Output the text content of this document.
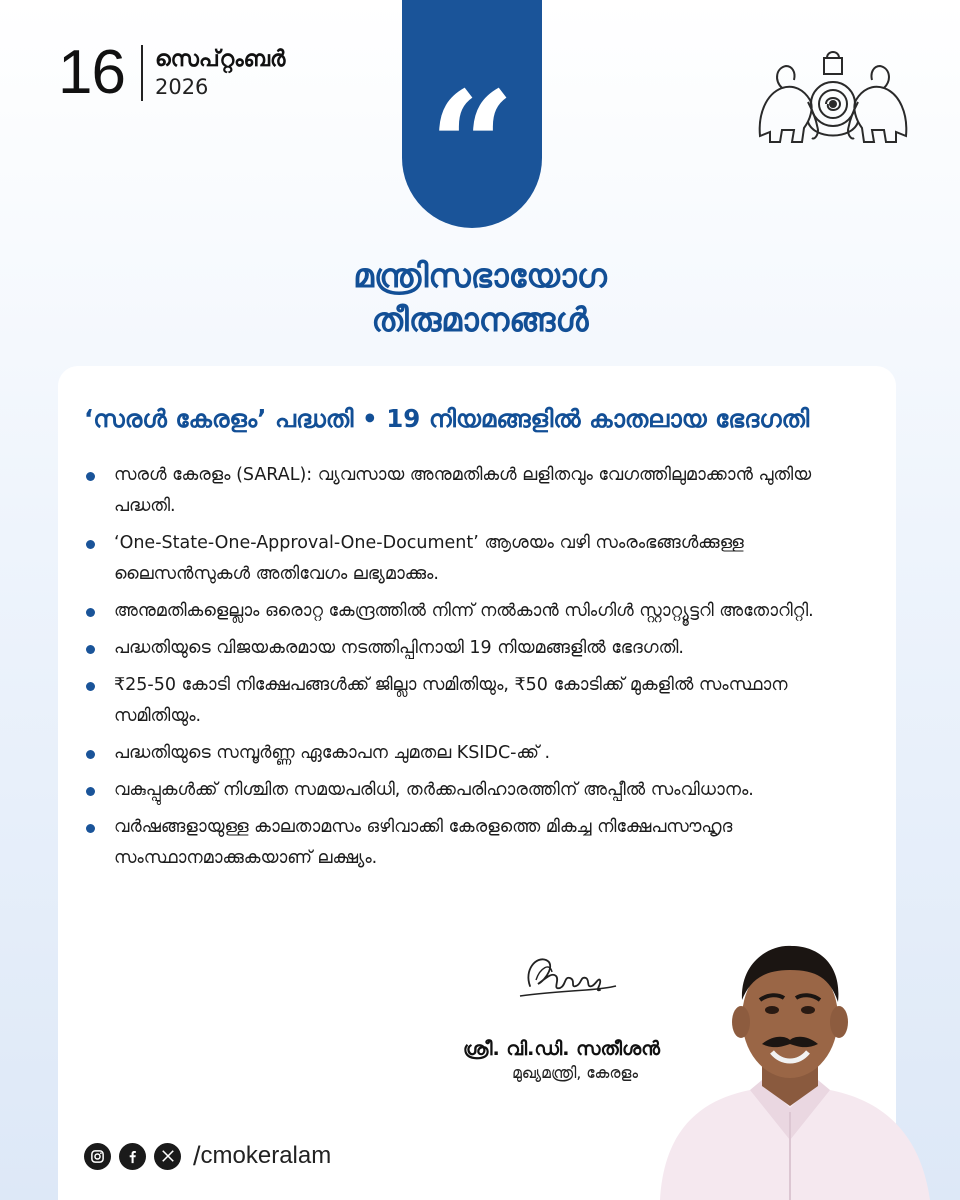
16 സെപ്റ്റംബർ
2026	“
മന്ത്രിസഭായോഗ
തീരുമാനങ്ങൾ
‘സരൾ കേരളം’ പദ്ധതി • 19 നിയമങ്ങളിൽ കാതലായ ഭേദഗതി
സരൾ കേരളം (SARAL): വ്യവസായ അനുമതികൾ ലളിതവും വേഗത്തിലുമാക്കാൻ പുതിയ പദ്ധതി.
‘One-State-One-Approval-One-Document’ ആശയം വഴി സംരംഭങ്ങൾക്കുള്ള ലൈസൻസുകൾ അതിവേഗം ലഭ്യമാക്കും.
അനുമതികളെല്ലാം ഒരൊറ്റ കേന്ദ്രത്തിൽ നിന്ന് നൽകാൻ സിംഗിൾ സ്റ്റാറ്റ്യൂട്ടറി അതോറിറ്റി.
പദ്ധതിയുടെ വിജയകരമായ നടത്തിപ്പിനായി 19 നിയമങ്ങളിൽ ഭേദഗതി.
₹25-50 കോടി നിക്ഷേപങ്ങൾക്ക് ജില്ലാ സമിതിയും, ₹50 കോടിക്ക് മുകളിൽ സംസ്ഥാന സമിതിയും.
പദ്ധതിയുടെ സമ്പൂർണ്ണ ഏകോപന ചുമതല KSIDC-ക്ക് .
വകുപ്പുകൾക്ക് നിശ്ചിത സമയപരിധി, തർക്കപരിഹാരത്തിന് അപ്പീൽ സംവിധാനം.
വർഷങ്ങളായുള്ള കാലതാമസം ഒഴിവാക്കി കേരളത്തെ മികച്ച നിക്ഷേപസൗഹൃദ സംസ്ഥാനമാക്കുകയാണ് ലക്ഷ്യം.
ശ്രീ. വി.ഡി. സതീശൻ
മുഖ്യമന്ത്രി, കേരളം
/ cmokeralam
